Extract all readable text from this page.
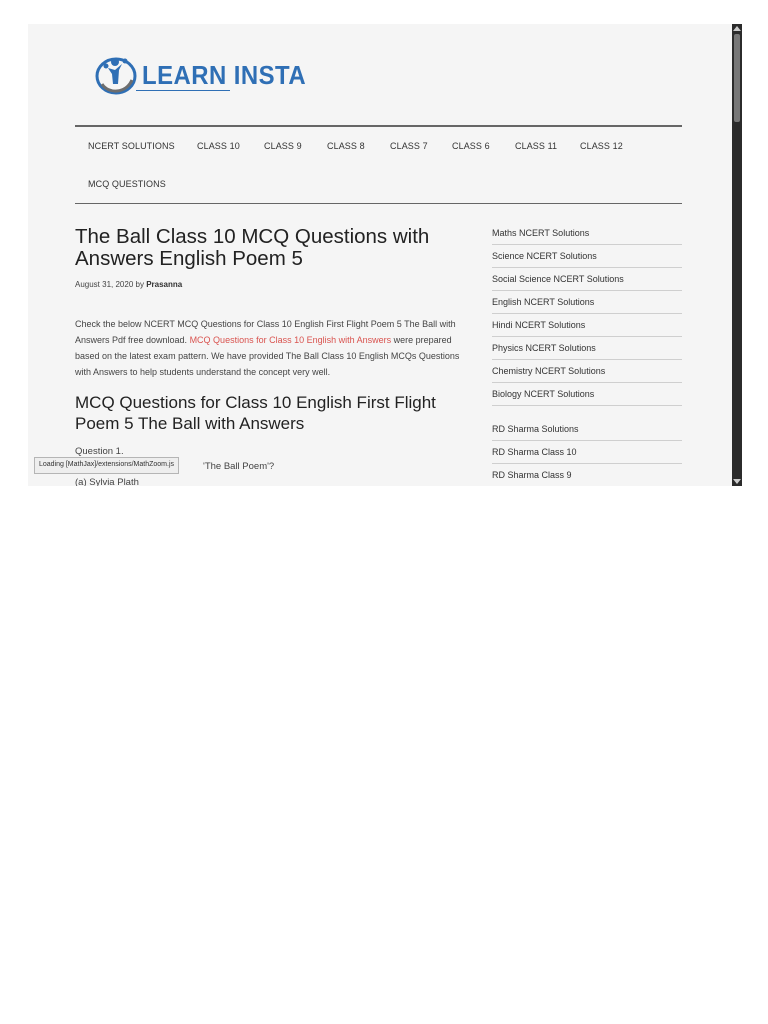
LEARN INSTA
NCERT SOLUTIONS CLASS 10	CLASS 9	CLASS 8	CLASS 7	CLASS 6	CLASS 11	CLASS 12
MCQ QUESTIONS
The Ball Class 10 MCQ Questions with Answers English Poem 5
August 31, 2020 by Prasanna

Check the below NCERT MCQ Questions for Class 10 English First Flight Poem 5 The Ball with Answers Pdf free download. MCQ Questions for Class 10 English with Answers were prepared based on the latest exam pattern. We have provided The Ball Class 10 English MCQs Questions with Answers to help students understand the concept very well.

MCQ Questions for Class 10 English First Flight Poem 5 The Ball with Answers
Question 1.
'The Ball Poem'?
(a) Sylvia Plath
Loading [MathJax]/extensions/MathZoom.js
Maths NCERT Solutions
Science NCERT Solutions
Social Science NCERT Solutions
English NCERT Solutions
Hindi NCERT Solutions
Physics NCERT Solutions
Chemistry NCERT Solutions
Biology NCERT Solutions
RD Sharma Solutions
RD Sharma Class 10
RD Sharma Class 9
